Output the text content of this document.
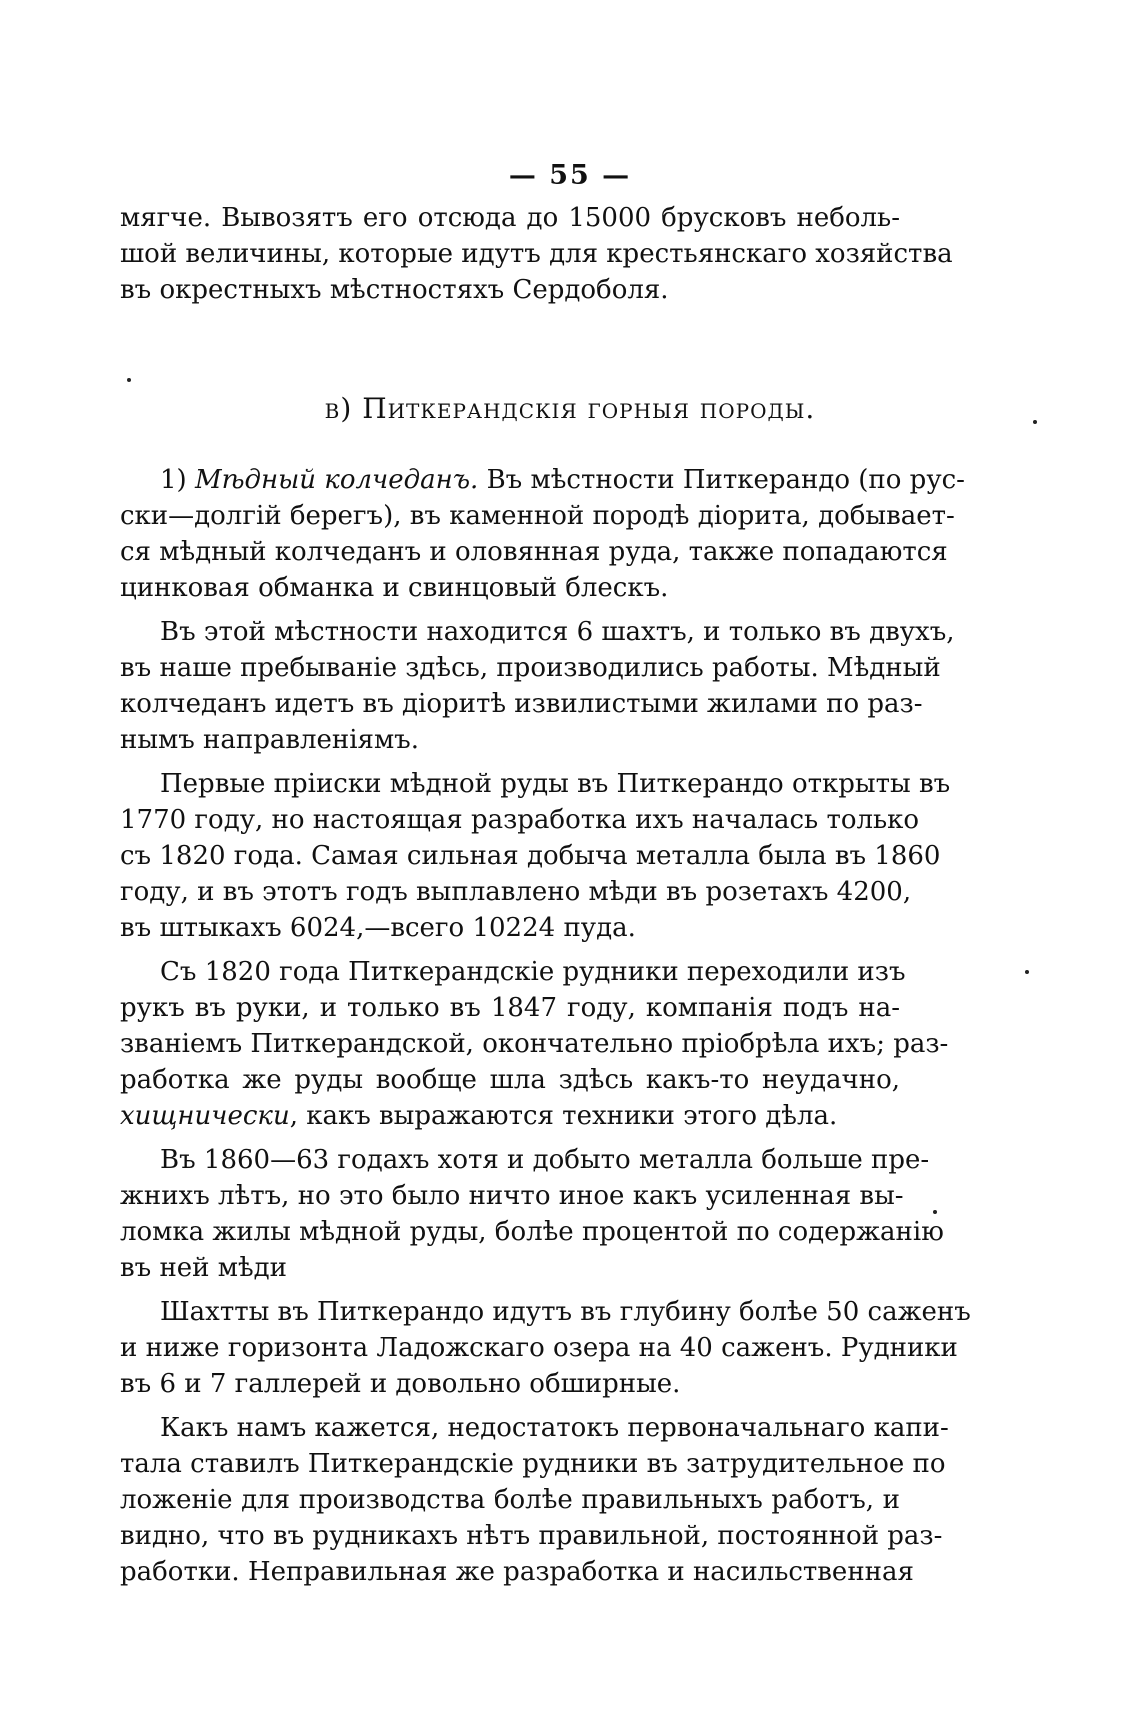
— 55 —
мягче. Вывозятъ его отсюда до 15000 брусковъ неболь-
шой величины, которые идутъ для крестьянскаго хозяйства
въ окрестныхъ мѣстностяхъ Сердоболя.
в) Питкерандскія горныя породы.
1) Мѣдный колчеданъ. Въ мѣстности Питкерандо (по рус-
ски—долгій берегъ), въ каменной породѣ діорита, добывает-
ся мѣдный колчеданъ и оловянная руда, также попадаются
цинковая обманка и свинцовый блескъ.
Въ этой мѣстности находится 6 шахтъ, и только въ двухъ,
въ наше пребываніе здѣсь, производились работы. Мѣдный
колчеданъ идетъ въ діоритѣ извилистыми жилами по раз-
нымъ направленіямъ.
Первые пріиски мѣдной руды въ Питкерандо открыты въ
1770 году, но настоящая разработка ихъ началась только
съ 1820 года. Самая сильная добыча металла была въ 1860
году, и въ этотъ годъ выплавлено мѣди въ розетахъ 4200,
въ штыкахъ 6024,—всего 10224 пуда.
Съ 1820 года Питкерандскіе рудники переходили изъ
рукъ въ руки, и только въ 1847 году, компанія подъ на-
званіемъ Питкерандской, окончательно пріобрѣла ихъ; раз-
работка же руды вообще шла здѣсь какъ-то неудачно,
хищнически, какъ выражаются техники этого дѣла.
Въ 1860—63 годахъ хотя и добыто металла больше пре-
жнихъ лѣтъ, но это было ничто иное какъ усиленная вы-
ломка жилы мѣдной руды, болѣе процентой по содержанію
въ ней мѣди
Шахтты въ Питкерандо идутъ въ глубину болѣе 50 саженъ
и ниже горизонта Ладожскаго озера на 40 саженъ. Рудники
въ 6 и 7 галлерей и довольно обширные.
Какъ намъ кажется, недостатокъ первоначальнаго капи-
тала ставилъ Питкерандскіе рудники въ затрудительное по
ложеніе для производства болѣе правильныхъ работъ, и
видно, что въ рудникахъ нѣтъ правильной, постоянной раз-
работки. Неправильная же разработка и насильственная
